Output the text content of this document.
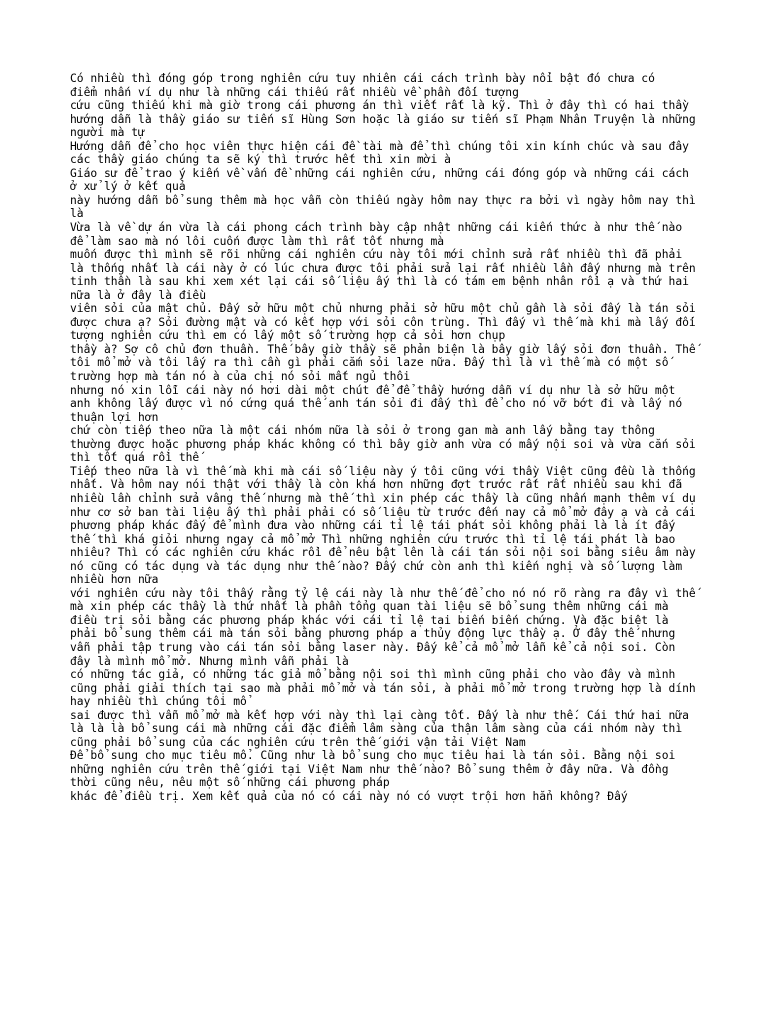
Có nhiều thì đóng góp trong nghiên cứu tuy nhiên cái cách trình bày nổi bật đó chưa có

điểm nhấn ví dụ như là những cái thiếu rất nhiều về phần đối tượng

cứu cũng thiếu khi mà giờ trong cái phương án thì viết rất là kỹ. Thì ở đây thì có hai thầy hướng dẫn là thầy giáo sư tiến sĩ Hùng Sơn hoặc là giáo sư tiến sĩ Phạm Nhân Truyện là những người mà tự

Hướng dẫn để cho học viên thực hiện cái đề tài mà để thì chúng tôi xin kính chúc và sau đây các thầy giáo chúng ta sẽ ký thì trước hết thì xin mời à

Giáo sư để trao ý kiến về vấn đề những cái nghiên cứu, những cái đóng góp và những cái cách ở xử lý ở kết quả

này hướng dẫn bổ sung thêm mà học vẫn còn thiếu ngày hôm nay thực ra bởi vì ngày hôm nay thì là

Vừa là về dự án vừa là cái phong cách trình bày cập nhật những cái kiến thức à như thế nào để làm sao mà nó lôi cuốn được làm thì rất tốt nhưng mà

muốn được thì mình sẽ rõi những cái nghiên cứu này tôi mới chỉnh sửa rất nhiều thì đã phải là thống nhất là cái này ở có lúc chưa được tôi phải sửa lại rất nhiều lần đấy nhưng mà trên tinh thần là sau khi xem xét lại cái số liệu ấy thì là có tám em bệnh nhân rồi ạ và thứ hai nữa là ở đây là điều

viên sỏi của mật chủ. Đấy sở hữu một chủ nhưng phải sở hữu một chủ gần là sỏi đấy là tán sỏi được chưa ạ? Sỏi đường mật và có kết hợp với sỏi côn trùng. Thì đấy vì thế mà khi mà lấy đối tượng nghiên cứu thì em có lấy một số trường hợp cả sỏi hơn chụp

thầy à? Sợ cô chủ đơn thuần. Thế bây giờ thầy sẽ phản biện là bây giờ lấy sỏi đơn thuần. Thế tôi mổ mở và tôi lấy ra thì cần gì phải cắm sỏi laze nữa. Đấy thì là vì thế mà có một số trường hợp mà tán nó à của chị nó sỏi mất ngủ thôi

nhưng nó xin lỗi cái này nó hơi dài một chút để để thầy hướng dẫn ví dụ như là sở hữu một anh không lấy được vì nó cứng quá thế anh tán sỏi đi đấy thì để cho nó vỡ bớt đi và lấy nó thuận lợi hơn

chứ còn tiếp theo nữa là một cái nhóm nữa là sỏi ở trong gan mà anh lấy bằng tay thông thường được hoặc phương pháp khác không có thì bây giờ anh vừa có mấy nội soi và vừa cắn sỏi thì tốt quá rồi thế

Tiếp theo nữa là vì thế mà khi mà cái số liệu này ý tôi cũng với thầy Việt cũng đều là thống nhất. Và hôm nay nói thật với thầy là còn khá hơn những đợt trước rất rất nhiều sau khi đã nhiều lần chỉnh sửa vâng thế nhưng mà thế thì xin phép các thầy là cũng nhấn mạnh thêm ví dụ như cơ sở ban tài liệu ấy thì phải phải có số liệu từ trước đến nay cả mổ mở đây ạ và cả cái phương pháp khác đấy để mình đưa vào những cái tỉ lệ tái phát sỏi không phải là là ít đấy thế thì khá giỏi nhưng ngay cả mổ mở Thì những nghiên cứu trước thì tỉ lệ tái phát là bao nhiêu? Thì có các nghiên cứu khác rồi để nêu bật lên là cái tán sỏi nội soi bằng siêu âm này nó cũng có tác dụng và tác dụng như thế nào? Đấy chứ còn anh thì kiến nghị và số lượng làm nhiều hơn nữa

với nghiên cứu này tôi thấy rằng tỷ lệ cái này là như thế để cho nó nó rõ ràng ra đây vì thế mà xin phép các thầy là thứ nhất là phần tổng quan tài liệu sẽ bổ sung thêm những cái mà

điều trị sỏi bằng các phương pháp khác với cái tỉ lệ tai biến biến chứng. Và đặc biệt là phải bổ sung thêm cái mà tán sỏi bằng phương pháp a thủy động lực thầy ạ. Ở đây thế nhưng vẫn phải tập trung vào cái tán sỏi bằng laser này. Đấy kể cả mổ mở lẫn kể cả nội soi. Còn đây là mình mổ mở. Nhưng mình vẫn phải là

có những tác giả, có những tác giả mổ bằng nội soi thì mình cũng phải cho vào đây và mình cũng phải giải thích tại sao mà phải mổ mở và tán sỏi, à phải mổ mở trong trường hợp là dính hay nhiều thì chúng tôi mổ

sai được thì vẫn mổ mở mà kết hợp với này thì lại càng tốt. Đấy là như thế. Cái thứ hai nữa là là là bổ sung cái mà những cái đặc điểm lâm sàng của thận lâm sàng của cái nhóm này thì cũng phải bổ sung của các nghiên cứu trên thế giới vận tải Việt Nam

Để bổ sung cho mục tiêu mổ. Cũng như là bổ sung cho mục tiêu hai là tán sỏi. Bằng nội soi những nghiên cứu trên thế giới tại Việt Nam như thế nào? Bổ sung thêm ở đây nữa. Và đồng thời cũng nêu, nêu một số những cái phương pháp

khác để điều trị. Xem kết quả của nó có cái này nó có vượt trội hơn hẳn không? Đấy
